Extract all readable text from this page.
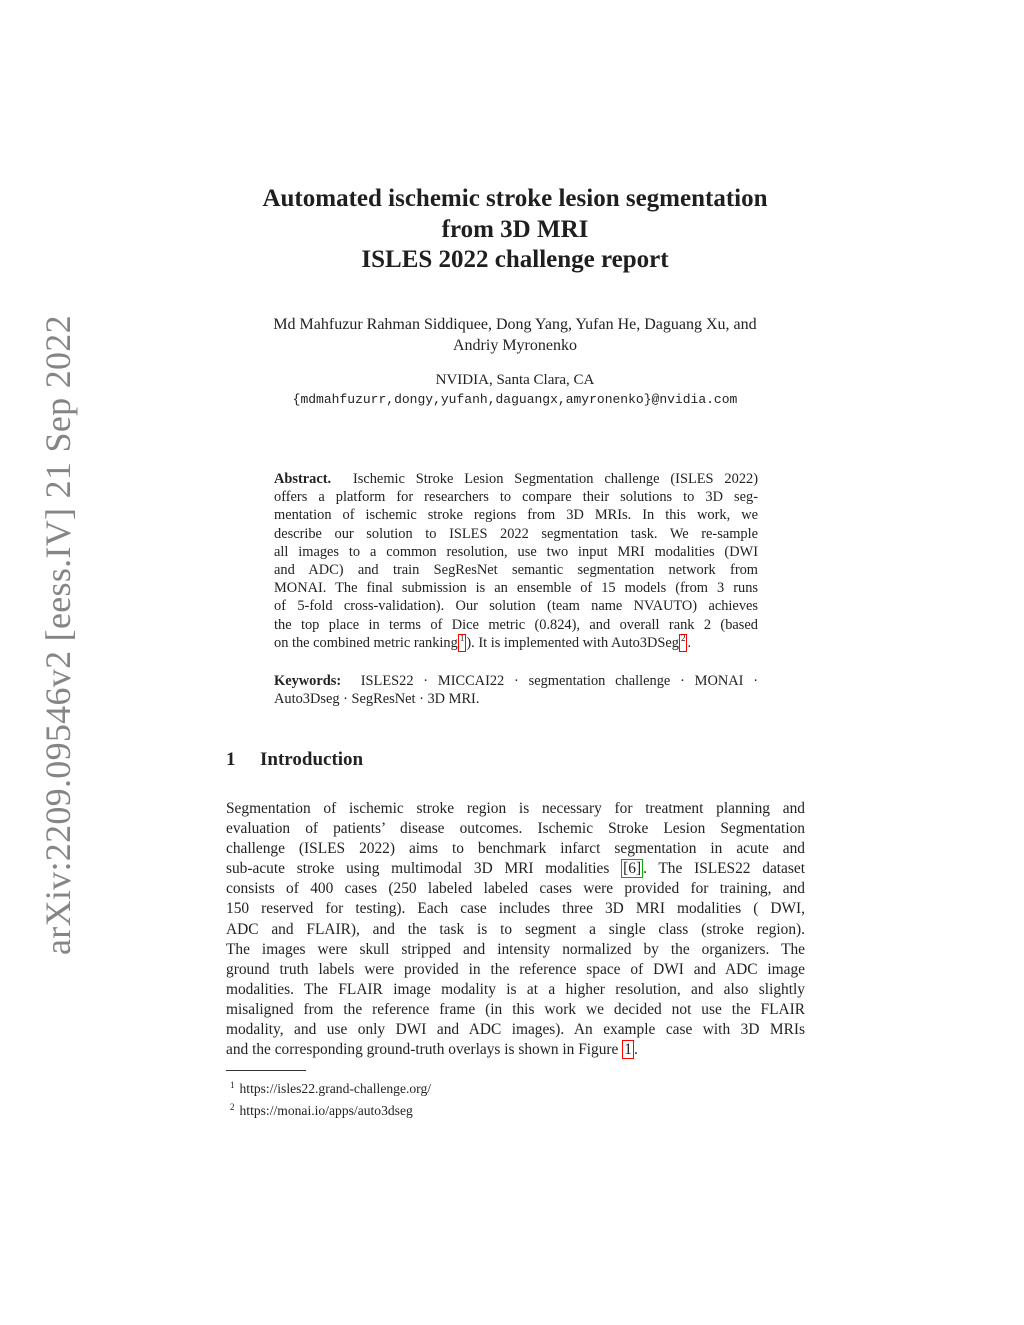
arXiv:2209.09546v2 [eess.IV] 21 Sep 2022
Automated ischemic stroke lesion segmentation
from 3D MRI
ISLES 2022 challenge report
Md Mahfuzur Rahman Siddiquee, Dong Yang, Yufan He, Daguang Xu, and
Andriy Myronenko
NVIDIA, Santa Clara, CA
{mdmahfuzurr,dongy,yufanh,daguangx,amyronenko}@nvidia.com
Abstract. Ischemic Stroke Lesion Segmentation challenge (ISLES 2022)
offers a platform for researchers to compare their solutions to 3D seg-
mentation of ischemic stroke regions from 3D MRIs. In this work, we
describe our solution to ISLES 2022 segmentation task. We re-sample
all images to a common resolution, use two input MRI modalities (DWI
and ADC) and train SegResNet semantic segmentation network from
MONAI. The final submission is an ensemble of 15 models (from 3 runs
of 5-fold cross-validation). Our solution (team name NVAUTO) achieves
the top place in terms of Dice metric (0.824), and overall rank 2 (based
on the combined metric ranking $^1$ ). It is implemented with Auto3DSeg $^2$ .
Keywords: ISLES22 · MICCAI22 · segmentation challenge · MONAI ·
Auto3Dseg · SegResNet · 3D MRI.
1 Introduction
Segmentation of ischemic stroke region is necessary for treatment planning and
evaluation of patients’ disease outcomes. Ischemic Stroke Lesion Segmentation
challenge (ISLES 2022) aims to benchmark infarct segmentation in acute and
sub-acute stroke using multimodal 3D MRI modalities [6] . The ISLES22 dataset
consists of 400 cases (250 labeled labeled cases were provided for training, and
150 reserved for testing). Each case includes three 3D MRI modalities ( DWI,
ADC and FLAIR), and the task is to segment a single class (stroke region).
The images were skull stripped and intensity normalized by the organizers. The
ground truth labels were provided in the reference space of DWI and ADC image
modalities. The FLAIR image modality is at a higher resolution, and also slightly
misaligned from the reference frame (in this work we decided not use the FLAIR
modality, and use only DWI and ADC images). An example case with 3D MRIs
and the corresponding ground-truth overlays is shown in Figure 1 .
$^1$ https://isles22.grand-challenge.org/
$^2$ https://monai.io/apps/auto3dseg
